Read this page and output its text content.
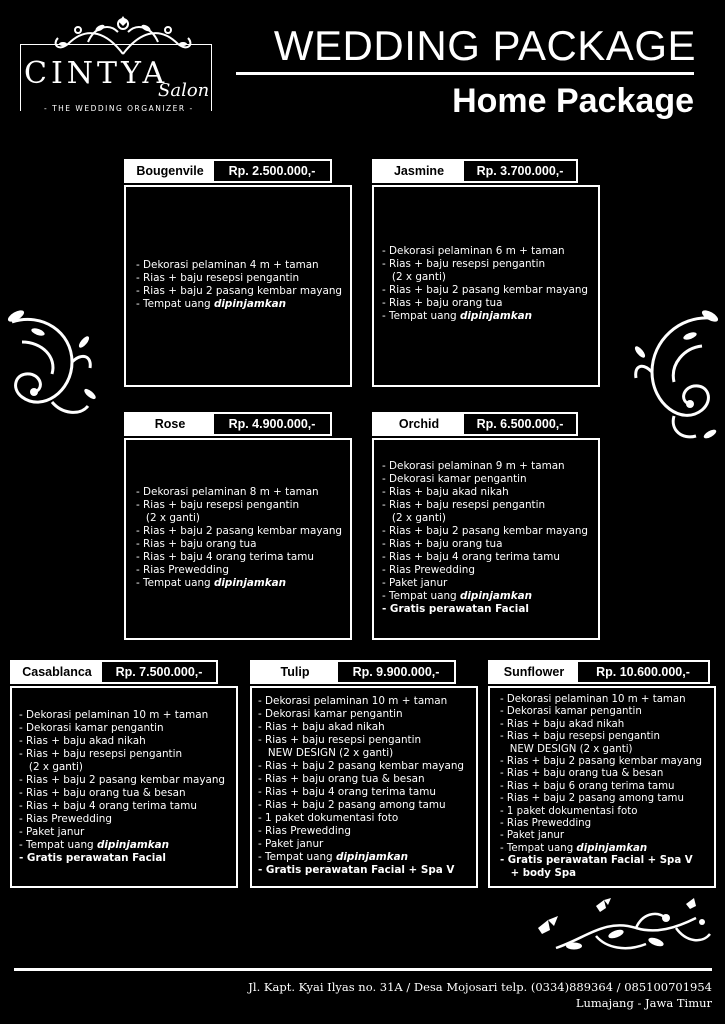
CINTYA
Salon
- THE WEDDING ORGANIZER -
WEDDING PACKAGE
Home Package
Bougenvile	Rp. 2.500.000,-
- Dekorasi pelaminan 4 m + taman
- Rias + baju resepsi pengantin
- Rias + baju 2 pasang kembar mayang
- Tempat uang dipinjamkan
Jasmine	Rp. 3.700.000,-
- Dekorasi pelaminan 6 m + taman
- Rias + baju resepsi pengantin
(2 x ganti)
- Rias + baju 2 pasang kembar mayang
- Rias + baju orang tua
- Tempat uang dipinjamkan
Rose	Rp. 4.900.000,-
- Dekorasi pelaminan 8 m + taman
- Rias + baju resepsi pengantin
(2 x ganti)
- Rias + baju 2 pasang kembar mayang
- Rias + baju orang tua
- Rias + baju 4 orang terima tamu
- Rias Prewedding
- Tempat uang dipinjamkan
Orchid	Rp. 6.500.000,-
- Dekorasi pelaminan 9 m + taman
- Dekorasi kamar pengantin
- Rias + baju akad nikah
- Rias + baju resepsi pengantin
(2 x ganti)
- Rias + baju 2 pasang kembar mayang
- Rias + baju orang tua
- Rias + baju 4 orang terima tamu
- Rias Prewedding
- Paket janur
- Tempat uang dipinjamkan
- Gratis perawatan Facial
Casablanca	Rp. 7.500.000,-
- Dekorasi pelaminan 10 m + taman
- Dekorasi kamar pengantin
- Rias + baju akad nikah
- Rias + baju resepsi pengantin
(2 x ganti)
- Rias + baju 2 pasang kembar mayang
- Rias + baju orang tua & besan
- Rias + baju 4 orang terima tamu
- Rias Prewedding
- Paket janur
- Tempat uang dipinjamkan
- Gratis perawatan Facial
Tulip	Rp. 9.900.000,-
- Dekorasi pelaminan 10 m + taman
- Dekorasi kamar pengantin
- Rias + baju akad nikah
- Rias + baju resepsi pengantin
NEW DESIGN (2 x ganti)
- Rias + baju 2 pasang kembar mayang
- Rias + baju orang tua & besan
- Rias + baju 4 orang terima tamu
- Rias + baju 2 pasang among tamu
- 1 paket dokumentasi foto
- Rias Prewedding
- Paket janur
- Tempat uang dipinjamkan
- Gratis perawatan Facial + Spa V
Sunflower	Rp. 10.600.000,-
- Dekorasi pelaminan 10 m + taman
- Dekorasi kamar pengantin
- Rias + baju akad nikah
- Rias + baju resepsi pengantin
NEW DESIGN (2 x ganti)
- Rias + baju 2 pasang kembar mayang
- Rias + baju orang tua & besan
- Rias + baju 6 orang terima tamu
- Rias + baju 2 pasang among tamu
- 1 paket dokumentasi foto
- Rias Prewedding
- Paket janur
- Tempat uang dipinjamkan
- Gratis perawatan Facial + Spa V
+ body Spa
Jl. Kapt. Kyai Ilyas no. 31A / Desa Mojosari telp. (0334)889364 / 085100701954
Lumajang - Jawa Timur
